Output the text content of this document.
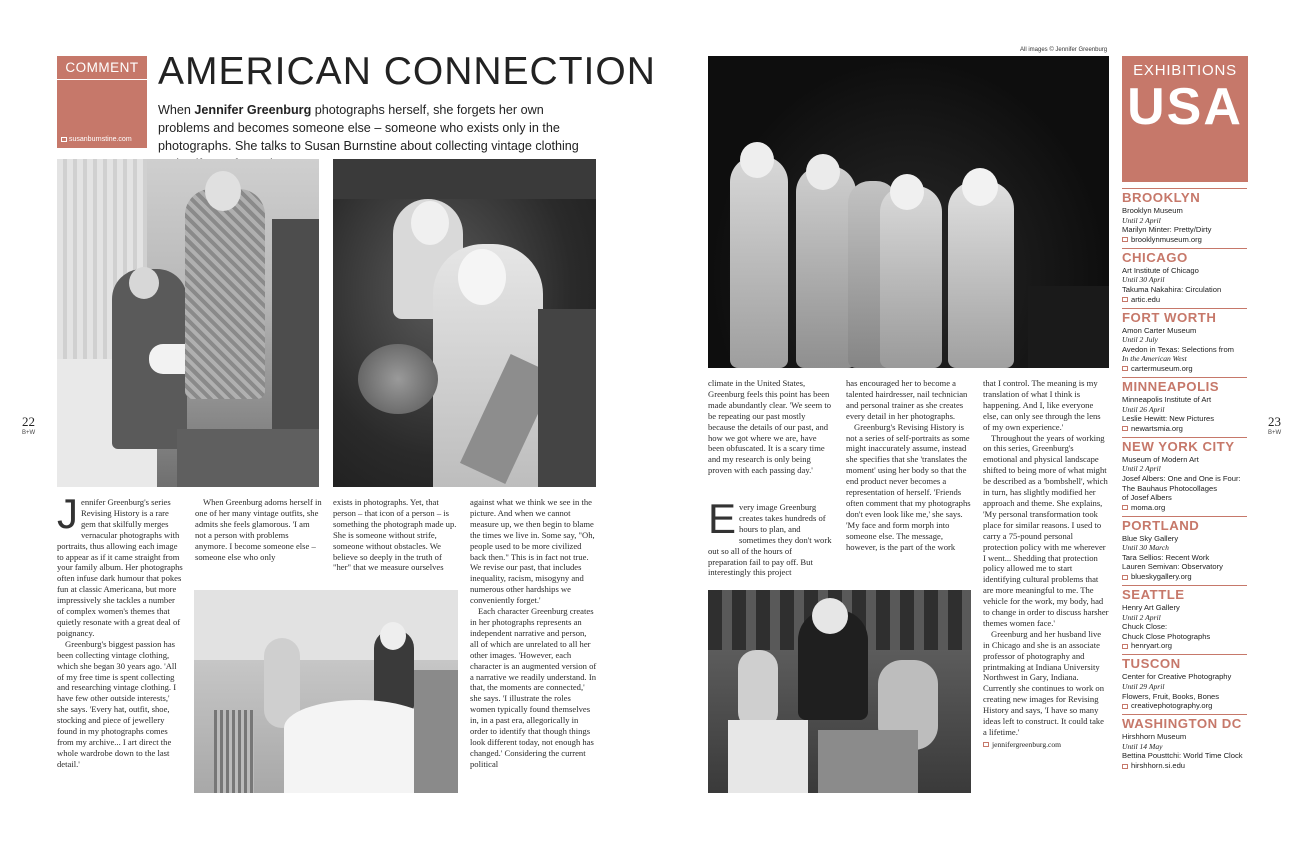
COMMENT
susanburnstine.com
AMERICAN CONNECTION
When Jennifer Greenburg photographs herself, she forgets her own problems and becomes someone else – someone who exists only in the photographs. She talks to Susan Burnstine about collecting vintage clothing
J ennifer Greenburg's series Revising History is a rare gem that skilfully merges vernacular photographs with portraits, thus allowing each image to appear as if it came straight from your family album. Her photographs often infuse dark humour that pokes fun at classic Americana, but more impressively she tackles a number of complex women's themes that quietly resonate with a great deal of poignancy.

Greenburg's biggest passion has been collecting vintage clothing, which she began 30 years ago. 'All of my free time is spent collecting and researching vintage clothing. I have few other outside interests,' she says. 'Every hat, outfit, shoe, stocking and piece of jewellery found in my photographs comes from my archive... I art direct the whole wardrobe down to the last detail.'

When Greenburg adorns herself in one of her many vintage outfits, she admits she feels glamorous. 'I am not a person with problems anymore. I become someone else – someone else who only

exists in photographs. Yet, that person – that icon of a person – is something the photograph made up. She is someone without strife, someone without obstacles. We believe so deeply in the truth of "her" that we measure ourselves

against what we think we see in the picture. And when we cannot measure up, we then begin to blame the times we live in. Some say, "Oh, people used to be more civilized back then." This is in fact not true. We revise our past, that includes inequality, racism, misogyny and numerous other hardships we conveniently forget.'

Each character Greenburg creates in her photographs represents an independent narrative and person, all of which are unrelated to all her other images. 'However, each character is an augmented version of a narrative we readily understand. In that, the moments are connected,' she says. 'I illustrate the roles women typically found themselves in, in a past era, allegorically in order to identify that though things look different today, not enough has changed.' Considering the current political

22
B+W
All images © Jennifer Greenburg

climate in the United States, Greenburg feels this point has been made abundantly clear. 'We seem to be repeating our past mostly because the details of our past, and how we got where we are, have been obfuscated. It is a scary time and my research is only being proven with each passing day.'

E very image Greenburg creates takes hundreds of hours to plan, and sometimes they don't work out so all of the hours of preparation fail to pay off. But interestingly this project

has encouraged her to become a talented hairdresser, nail technician and personal trainer as she creates every detail in her photographs.

Greenburg's Revising History is not a series of self-portraits as some might inaccurately assume, instead she specifies that she 'translates the moment' using her body so that the end product never becomes a representation of herself. 'Friends often comment that my photographs don't even look like me,' she says. 'My face and form morph into someone else. The message, however, is the part of the work

that I control. The meaning is my translation of what I think is happening. And I, like everyone else, can only see through the lens of my own experience.'

Throughout the years of working on this series, Greenburg's emotional and physical landscape shifted to being more of what might be described as a 'bombshell', which in turn, has slightly modified her approach and theme. She explains, 'My personal transformation took place for similar reasons. I used to carry a 75-pound personal protection policy with me wherever I went... Shedding that protection policy allowed me to start identifying cultural problems that are more meaningful to me. The vehicle for the work, my body, had to change in order to discuss harsher themes women face.'

Greenburg and her husband live in Chicago and she is an associate professor of photography and printmaking at Indiana University Northwest in Gary, Indiana. Currently she continues to work on creating new images for Revising History and says, 'I have so many ideas left to construct. It could take a lifetime.'

jennifergreenburg.com
EXHIBITIONS
USA
BROOKLYN
Brooklyn Museum
Until 2 April
Marilyn Minter: Pretty/Dirty
brooklynmuseum.org
CHICAGO
Art Institute of Chicago
Until 30 April
Takuma Nakahira: Circulation
artic.edu
FORT WORTH
Amon Carter Museum
Until 2 July
Avedon in Texas: Selections from
In the American West
cartermuseum.org
MINNEAPOLIS
Minneapolis Institute of Art
Until 26 April
Leslie Hewitt: New Pictures
newartsmia.org
NEW YORK CITY
Museum of Modern Art
Until 2 April
Josef Albers: One and One is Four:
The Bauhaus Photocollages
of Josef Albers
moma.org
PORTLAND
Blue Sky Gallery
Until 30 March
Tara Sellios: Recent Work
Lauren Semivan: Observatory
blueskygallery.org
SEATTLE
Henry Art Gallery
Until 2 April
Chuck Close:
Chuck Close Photographs
henryart.org
TUSCON
Center for Creative Photography
Until 29 April
Flowers, Fruit, Books, Bones
creativephotography.org
WASHINGTON DC
Hirshhorn Museum
Until 14 May
Bettina Pousttchi: World Time Clock
hirshhorn.si.edu
23
B+W
